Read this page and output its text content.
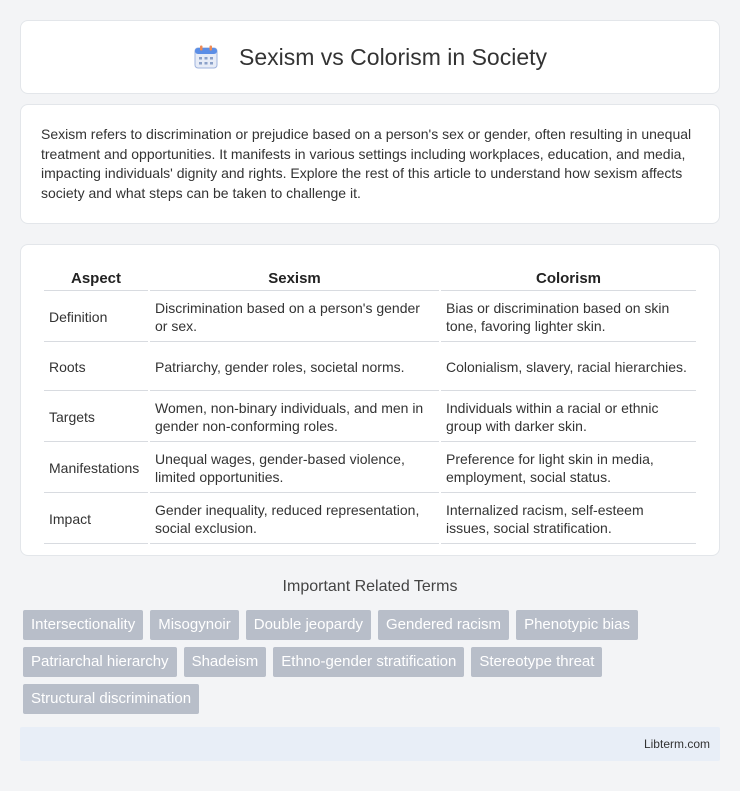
Sexism vs Colorism in Society

Sexism refers to discrimination or prejudice based on a person's sex or gender, often resulting in unequal treatment and opportunities. It manifests in various settings including workplaces, education, and media, impacting individuals' dignity and rights. Explore the rest of this article to understand how sexism affects society and what steps can be taken to challenge it.

Aspect	Sexism	Colorism
Definition	Discrimination based on a person's gender or sex.	Bias or discrimination based on skin tone, favoring lighter skin.
Roots	Patriarchy, gender roles, societal norms.	Colonialism, slavery, racial hierarchies.
Targets	Women, non-binary individuals, and men in gender non-conforming roles.	Individuals within a racial or ethnic group with darker skin.
Manifestations	Unequal wages, gender-based violence, limited opportunities.	Preference for light skin in media, employment, social status.
Impact	Gender inequality, reduced representation, social exclusion.	Internalized racism, self-esteem issues, social stratification.
Important Related Terms
Intersectionality	Misogynoir	Double jeopardy	Gendered racism	Phenotypic bias
Patriarchal hierarchy	Shadeism	Ethno-gender stratification	Stereotype threat
Structural discrimination
Libterm.com
